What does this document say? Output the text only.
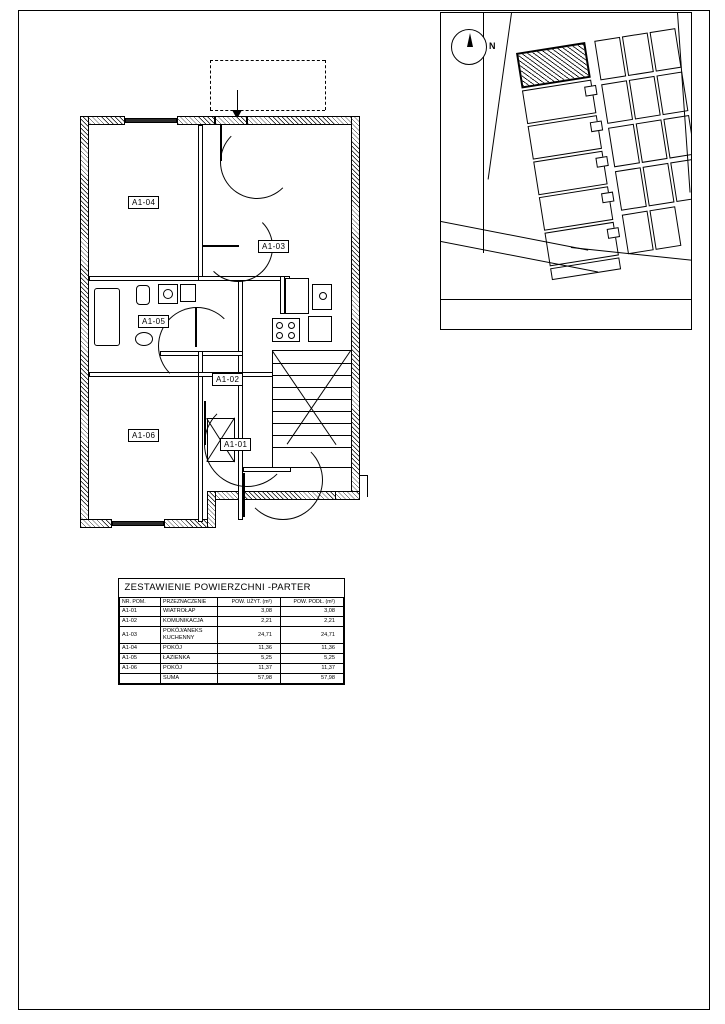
A1-04
A1-03
A1-05
A1-02
A1-06
A1-01
N
ZESTAWIENIE POWIERZCHNI -PARTER			
NR. POM.	PRZEZNACZENIE	POW. UŻYT. (m²)	POW. PODŁ. (m²)
A1-01	WIATROŁAP	3,08	3,08
A1-02	KOMUNIKACJA	2,21	2,21
A1-03	POKÓJ/ANEKS KUCHENNY	24,71	24,71
A1-04	POKÓJ	11,36	11,36
A1-05	ŁAZIENKA	5,25	5,25
A1-06	POKÓJ	11,37	11,37
	SUMA	57,98	57,98
